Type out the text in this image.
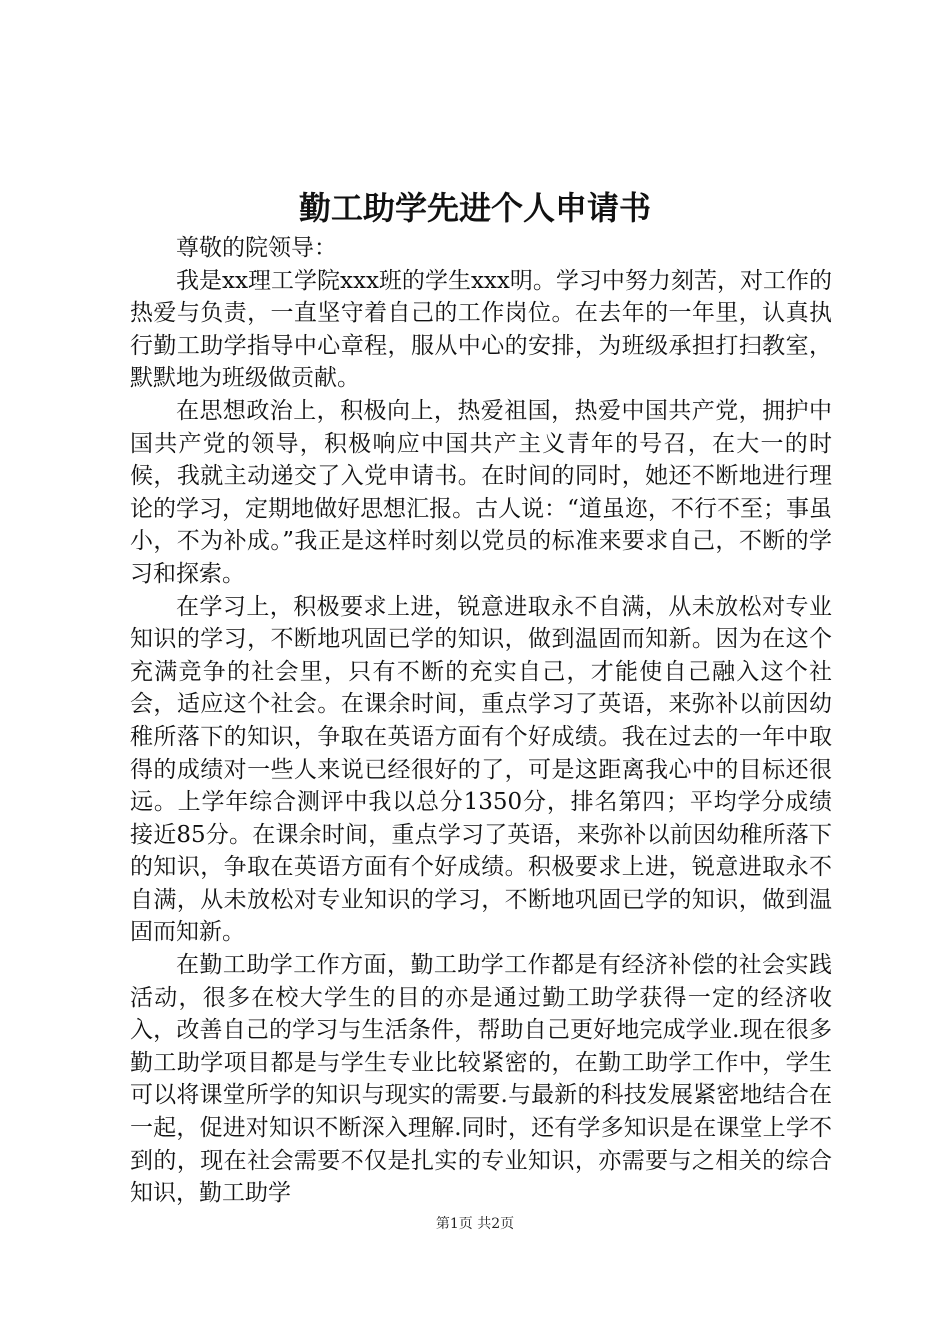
勤工助学先进个人申请书

尊敬的院领导：

我是xx理工学院xxx班的学生xxx明。学习中努力刻苦，对工作的热爱与负责，一直坚守着自己的工作岗位。在去年的一年里，认真执行勤工助学指导中心章程，服从中心的安排，为班级承担打扫教室，默默地为班级做贡献。

在思想政治上，积极向上，热爱祖国，热爱中国共产党，拥护中国共产党的领导，积极响应中国共产主义青年的号召，在大一的时候，我就主动递交了入党申请书。在时间的同时，她还不断地进行理论的学习，定期地做好思想汇报。古人说：“道虽迩，不行不至；事虽小，不为补成。”我正是这样时刻以党员的标准来要求自己，不断的学习和探索。

在学习上，积极要求上进，锐意进取永不自满，从未放松对专业知识的学习，不断地巩固已学的知识，做到温固而知新。因为在这个充满竞争的社会里，只有不断的充实自己，才能使自己融入这个社会，适应这个社会。在课余时间，重点学习了英语，来弥补以前因幼稚所落下的知识，争取在英语方面有个好成绩。我在过去的一年中取得的成绩对一些人来说已经很好的了，可是这距离我心中的目标还很远。上学年综合测评中我以总分1350分，排名第四；平均学分成绩接近85分。在课余时间，重点学习了英语，来弥补以前因幼稚所落下的知识，争取在英语方面有个好成绩。积极要求上进，锐意进取永不自满，从未放松对专业知识的学习，不断地巩固已学的知识，做到温固而知新。

在勤工助学工作方面，勤工助学工作都是有经济补偿的社会实践活动，很多在校大学生的目的亦是通过勤工助学获得一定的经济收入，改善自己的学习与生活条件，帮助自己更好地完成学业.现在很多勤工助学项目都是与学生专业比较紧密的，在勤工助学工作中，学生可以将课堂所学的知识与现实的需要.与最新的科技发展紧密地结合在一起，促进对知识不断深入理解.同时，还有学多知识是在课堂上学不到的，现在社会需要不仅是扎实的专业知识，亦需要与之相关的综合知识，勤工助学

第1页 共2页
